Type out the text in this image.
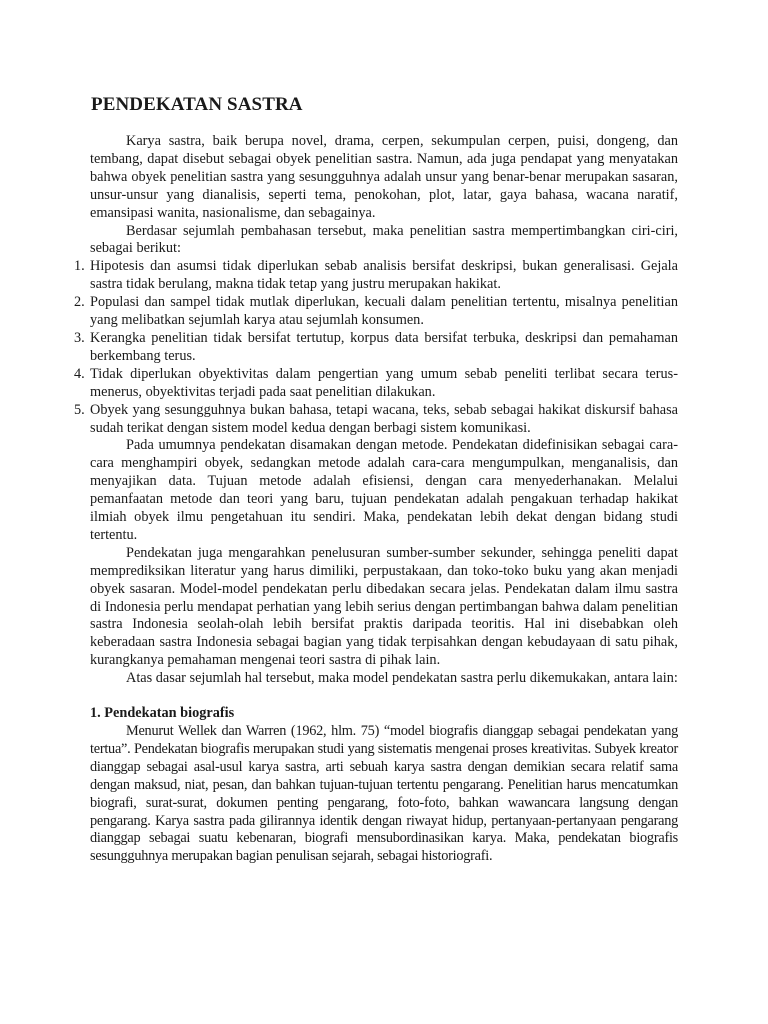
PENDEKATAN SASTRA

Karya sastra, baik berupa novel, drama, cerpen, sekumpulan cerpen, puisi, dongeng, dan tembang, dapat disebut sebagai obyek penelitian sastra. Namun, ada juga pendapat yang menyatakan bahwa obyek penelitian sastra yang sesungguhnya adalah unsur yang benar-benar merupakan sasaran, unsur-unsur yang dianalisis, seperti tema, penokohan, plot, latar, gaya bahasa, wacana naratif, emansipasi wanita, nasionalisme, dan sebagainya.

Berdasar sejumlah pembahasan tersebut, maka penelitian sastra mempertimbangkan ciri-ciri, sebagai berikut:

1. Hipotesis dan asumsi tidak diperlukan sebab analisis bersifat deskripsi, bukan generalisasi. Gejala sastra tidak berulang, makna tidak tetap yang justru merupakan hakikat.
2. Populasi dan sampel tidak mutlak diperlukan, kecuali dalam penelitian tertentu, misalnya penelitian yang melibatkan sejumlah karya atau sejumlah konsumen.
3. Kerangka penelitian tidak bersifat tertutup, korpus data bersifat terbuka, deskripsi dan pemahaman berkembang terus.
4. Tidak diperlukan obyektivitas dalam pengertian yang umum sebab peneliti terlibat secara terus-menerus, obyektivitas terjadi pada saat penelitian dilakukan.
5. Obyek yang sesungguhnya bukan bahasa, tetapi wacana, teks, sebab sebagai hakikat diskursif bahasa sudah terikat dengan sistem model kedua dengan berbagi sistem komunikasi.

Pada umumnya pendekatan disamakan dengan metode. Pendekatan didefinisikan sebagai cara-cara menghampiri obyek, sedangkan metode adalah cara-cara mengumpulkan, menganalisis, dan menyajikan data. Tujuan metode adalah efisiensi, dengan cara menyederhanakan. Melalui pemanfaatan metode dan teori yang baru, tujuan pendekatan adalah pengakuan terhadap hakikat ilmiah obyek ilmu pengetahuan itu sendiri. Maka, pendekatan lebih dekat dengan bidang studi tertentu.

Pendekatan juga mengarahkan penelusuran sumber-sumber sekunder, sehingga peneliti dapat memprediksikan literatur yang harus dimiliki, perpustakaan, dan toko-toko buku yang akan menjadi obyek sasaran. Model-model pendekatan perlu dibedakan secara jelas. Pendekatan dalam ilmu sastra di Indonesia perlu mendapat perhatian yang lebih serius dengan pertimbangan bahwa dalam penelitian sastra Indonesia seolah-olah lebih bersifat praktis daripada teoritis. Hal ini disebabkan oleh keberadaan sastra Indonesia sebagai bagian yang tidak terpisahkan dengan kebudayaan di satu pihak, kurangkanya pemahaman mengenai teori sastra di pihak lain.

Atas dasar sejumlah hal tersebut, maka model pendekatan sastra perlu dikemukakan, antara lain:

1. Pendekatan biografis

Menurut Wellek dan Warren (1962, hlm. 75) “model biografis dianggap sebagai pendekatan yang tertua”. Pendekatan biografis merupakan studi yang sistematis mengenai proses kreativitas. Subyek kreator dianggap sebagai asal-usul karya sastra, arti sebuah karya sastra dengan demikian secara relatif sama dengan maksud, niat, pesan, dan bahkan tujuan-tujuan tertentu pengarang. Penelitian harus mencatumkan biografi, surat-surat, dokumen penting pengarang, foto-foto, bahkan wawancara langsung dengan pengarang. Karya sastra pada gilirannya identik dengan riwayat hidup, pertanyaan-pertanyaan pengarang dianggap sebagai suatu kebenaran, biografi mensubordinasikan karya. Maka, pendekatan biografis sesungguhnya merupakan bagian penulisan sejarah, sebagai historiografi.
